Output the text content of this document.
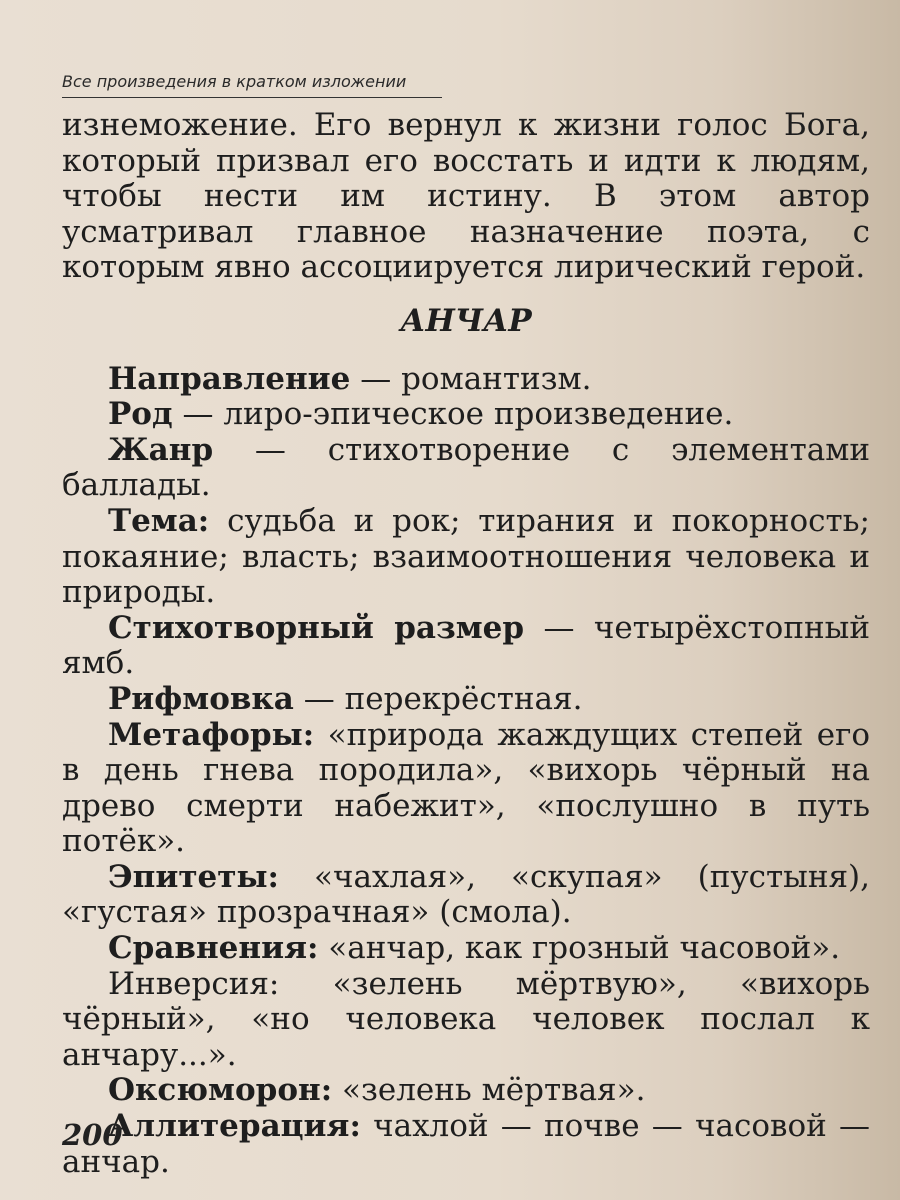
Все произведения в кратком изложении

изнеможение. Его вернул к жизни голос Бога, который призвал его восстать и идти к людям, чтобы нести им истину. В этом автор усматривал главное назначение поэта, с которым явно ассоциируется лирический герой.

АНЧАР

Направление — романтизм.

Род — лиро-эпическое произведение.

Жанр — стихотворение с элементами баллады.

Тема: судьба и рок; тирания и покорность; покаяние; власть; взаимоотношения человека и природы.

Стихотворный размер — четырёхстопный ямб.

Рифмовка — перекрёстная.

Метафоры: «природа жаждущих степей его в день гнева породила», «вихорь чёрный на древо смерти набежит», «послушно в путь потёк».

Эпитеты: «чахлая», «скупая» (пустыня), «густая» прозрачная» (смола).

Сравнения: «анчар, как грозный часовой».

Инверсия: «зелень мёртвую», «вихорь чёрный», «но человека человек послал к анчару...».

Оксюморон: «зелень мёртвая».

Аллитерация: чахлой — почве — часовой — анчар.

200
